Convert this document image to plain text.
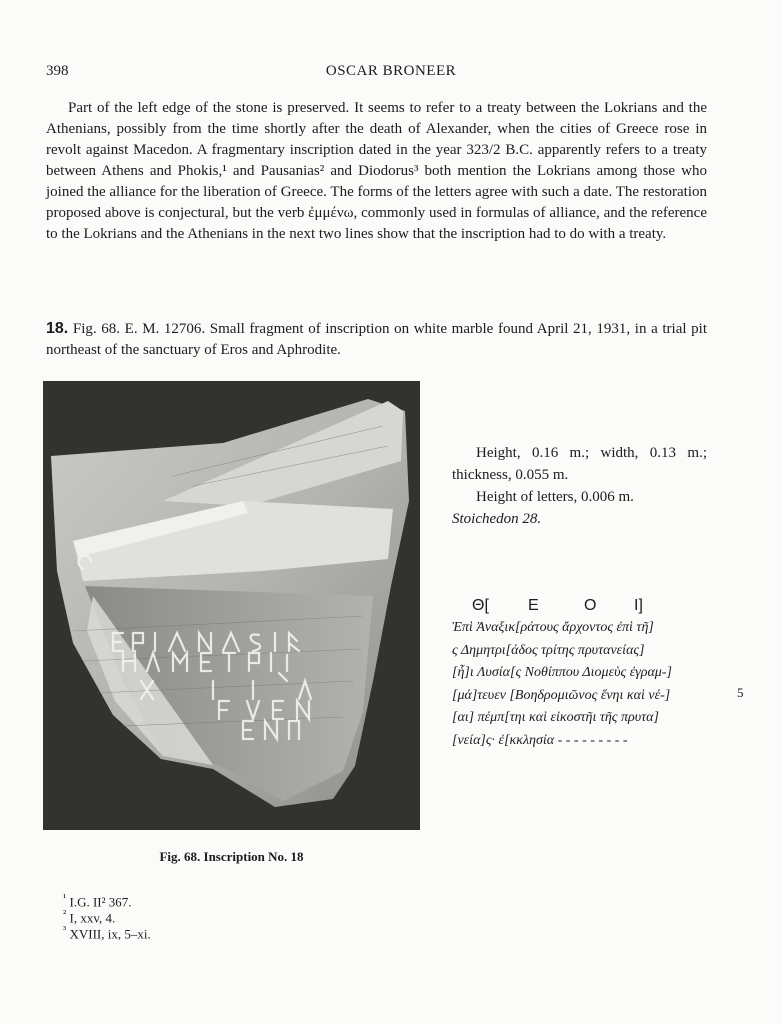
398	OSCAR BRONEER
Part of the left edge of the stone is preserved. It seems to refer to a treaty between the Lokrians and the Athenians, possibly from the time shortly after the death of Alexander, when the cities of Greece rose in revolt against Macedon. A fragmentary inscription dated in the year 323/2 B.C. apparently refers to a treaty between Athens and Phokis,¹ and Pausanias² and Diodorus³ both mention the Lokrians among those who joined the alliance for the liberation of Greece. The forms of the letters agree with such a date. The restoration proposed above is conjectural, but the verb ἐμμένω, commonly used in formulas of alliance, and the reference to the Lokrians and the Athenians in the next two lines show that the inscription had to do with a treaty.
18. Fig. 68. E. M. 12706. Small fragment of inscription on white marble found April 21, 1931, in a trial pit northeast of the sanctuary of Eros and Aphrodite.
Fig. 68. Inscription No. 18

Height, 0.16 m.; width, 0.13 m.; thickness, 0.055 m.

Height of letters, 0.006 m.

Stoichedon 28.

Θ[ Ε	Ο Ι]
Ἐπὶ Ἀναξικ[ράτους ἄρχοντος ἐπὶ τῆ]
ς Δημητρι[άδος τρίτης πρυτανείας]
[ἧ]ι Λυσία[ς Νοθίππου Διομεὺς ἐγραμ-]
[μά]τευεν [Βοηδρομιῶνος ἕνηι καὶ νέ-]
[αι] πέμπ[τηι καὶ εἰκοστῆι τῆς πρυτα]
[νεία]ς· ἐ[κκλησία - - - - - - - - -
5
$^{^1}$ I.G. II² 367.
$^{^2}$ I, xxv, 4.
$^{^3}$ XVIII, ix, 5–xi.
